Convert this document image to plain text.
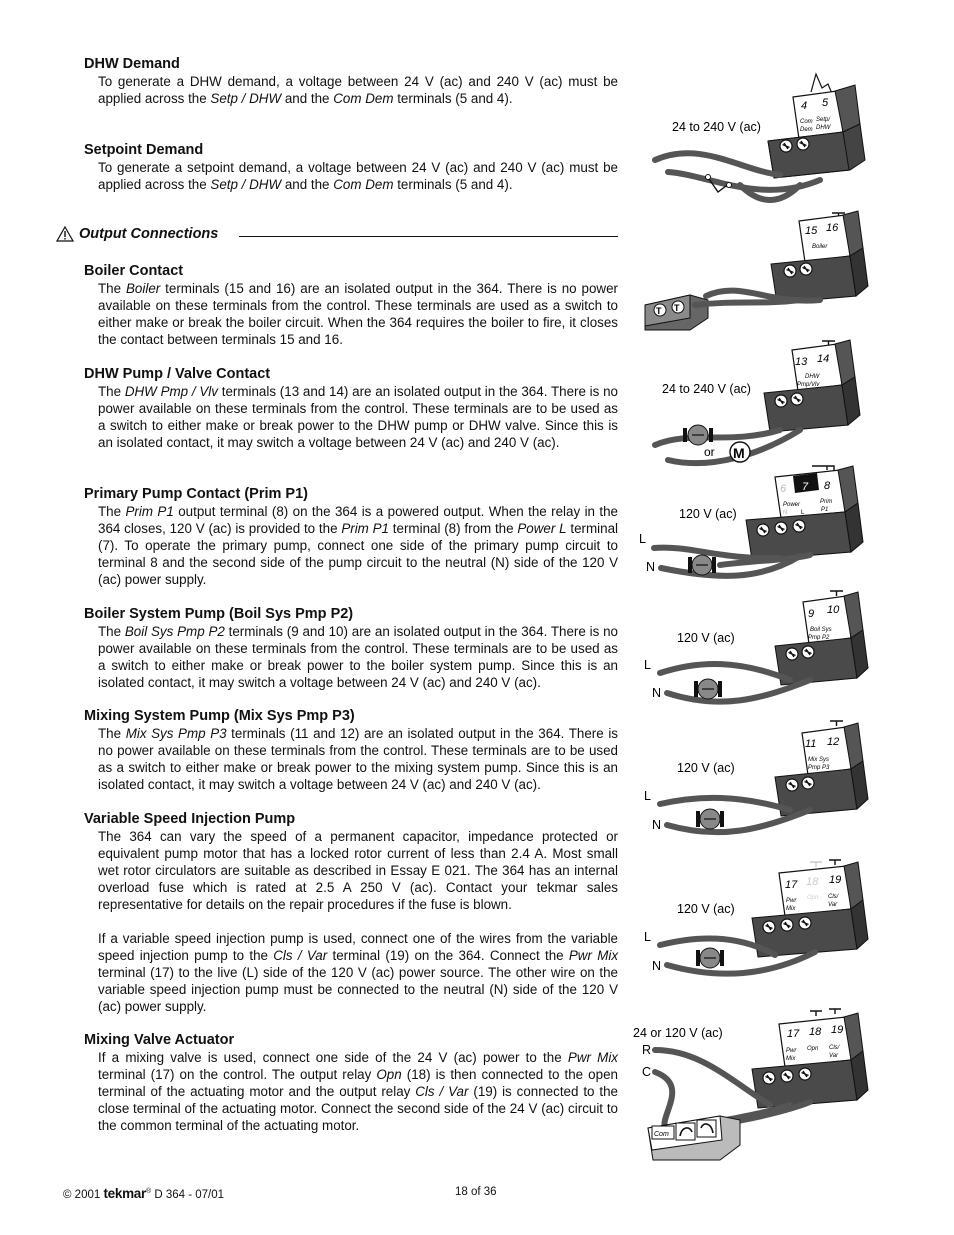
DHW Demand

To generate a DHW demand, a voltage between 24 V (ac) and 240 V (ac) must be applied across the Setp / DHW and the Com Dem terminals (5 and 4).

Setpoint Demand

To generate a setpoint demand, a voltage between 24 V (ac) and 240 V (ac) must be applied across the Setp / DHW and the Com Dem terminals (5 and 4).

Output Connections
Boiler Contact

The Boiler terminals (15 and 16) are an isolated output in the 364. There is no power available on these terminals from the control. These terminals are used as a switch to either make or break the boiler circuit. When the 364 requires the boiler to fire, it closes the contact between terminals 15 and 16.

DHW Pump / Valve Contact

The DHW Pmp / Vlv terminals (13 and 14) are an isolated output in the 364. There is no power available on these terminals from the control. These terminals are to be used as a switch to either make or break power to the DHW pump or DHW valve. Since this is an isolated contact, it may switch a voltage between 24 V (ac) and 240 V (ac).

Primary Pump Contact (Prim P1)

The Prim P1 output terminal (8) on the 364 is a powered output. When the relay in the 364 closes, 120 V (ac) is provided to the Prim P1 terminal (8) from the Power L terminal (7). To operate the primary pump, connect one side of the primary pump circuit to terminal 8 and the second side of the pump circuit to the neutral (N) side of the 120 V (ac) power supply.

Boiler System Pump (Boil Sys Pmp P2)

The Boil Sys Pmp P2 terminals (9 and 10) are an isolated output in the 364. There is no power available on these terminals from the control. These terminals are to be used as a switch to either make or break power to the boiler system pump. Since this is an isolated contact, it may switch a voltage between 24 V (ac) and 240 V (ac).

Mixing System Pump (Mix Sys Pmp P3)

The Mix Sys Pmp P3 terminals (11 and 12) are an isolated output in the 364. There is no power available on these terminals from the control. These terminals are to be used as a switch to either make or break power to the mixing system pump. Since this is an isolated contact, it may switch a voltage between 24 V (ac) and 240 V (ac).

Variable Speed Injection Pump

The 364 can vary the speed of a permanent capacitor, impedance protected or equivalent pump motor that has a locked rotor current of less than 2.4 A. Most small wet rotor circulators are suitable as described in Essay E 021. The 364 has an internal overload fuse which is rated at 2.5 A 250 V (ac). Contact your tekmar sales representative for details on the repair procedures if the fuse is blown.

If a variable speed injection pump is used, connect one of the wires from the variable speed injection pump to the Cls / Var terminal (19) on the 364. Connect the Pwr Mix terminal (17) to the live (L) side of the 120 V (ac) power source. The other wire on the variable speed injection pump must be connected to the neutral (N) side of the 120 V (ac) power supply.

Mixing Valve Actuator

If a mixing valve is used, connect one side of the 24 V (ac) power to the Pwr Mix terminal (17) on the control. The output relay Opn (18) is then connected to the open terminal of the actuating motor and the output relay Cls / Var (19) is connected to the close terminal of the actuating motor. Connect the second side of the 24 V (ac) circuit to the common terminal of the actuating motor.

24 to 240 V (ac)
4 5
Com
Dem
Setp/
DHW
15 16
Boiler
T T
24 to 240 V (ac)
13 14
DHW
Pmp/Vlv
or M
120 V (ac)
L
N
6 7 8
Power
N L
Prim
P1
120 V (ac)
L
N
9 10
Boil Sys
Pmp P2
120 V (ac)
L
N
11 12
Mix Sys
Pmp P3
120 V (ac)
L
N
17 18 19
Pwr
Mix
Opn Cls/
Var
24 or 120 V (ac)
R
C
17 18 19
Pwr
Mix
Opn Cls/
Var
Com
© 2001 tekmar® D 364 - 07/01	18 of 36
